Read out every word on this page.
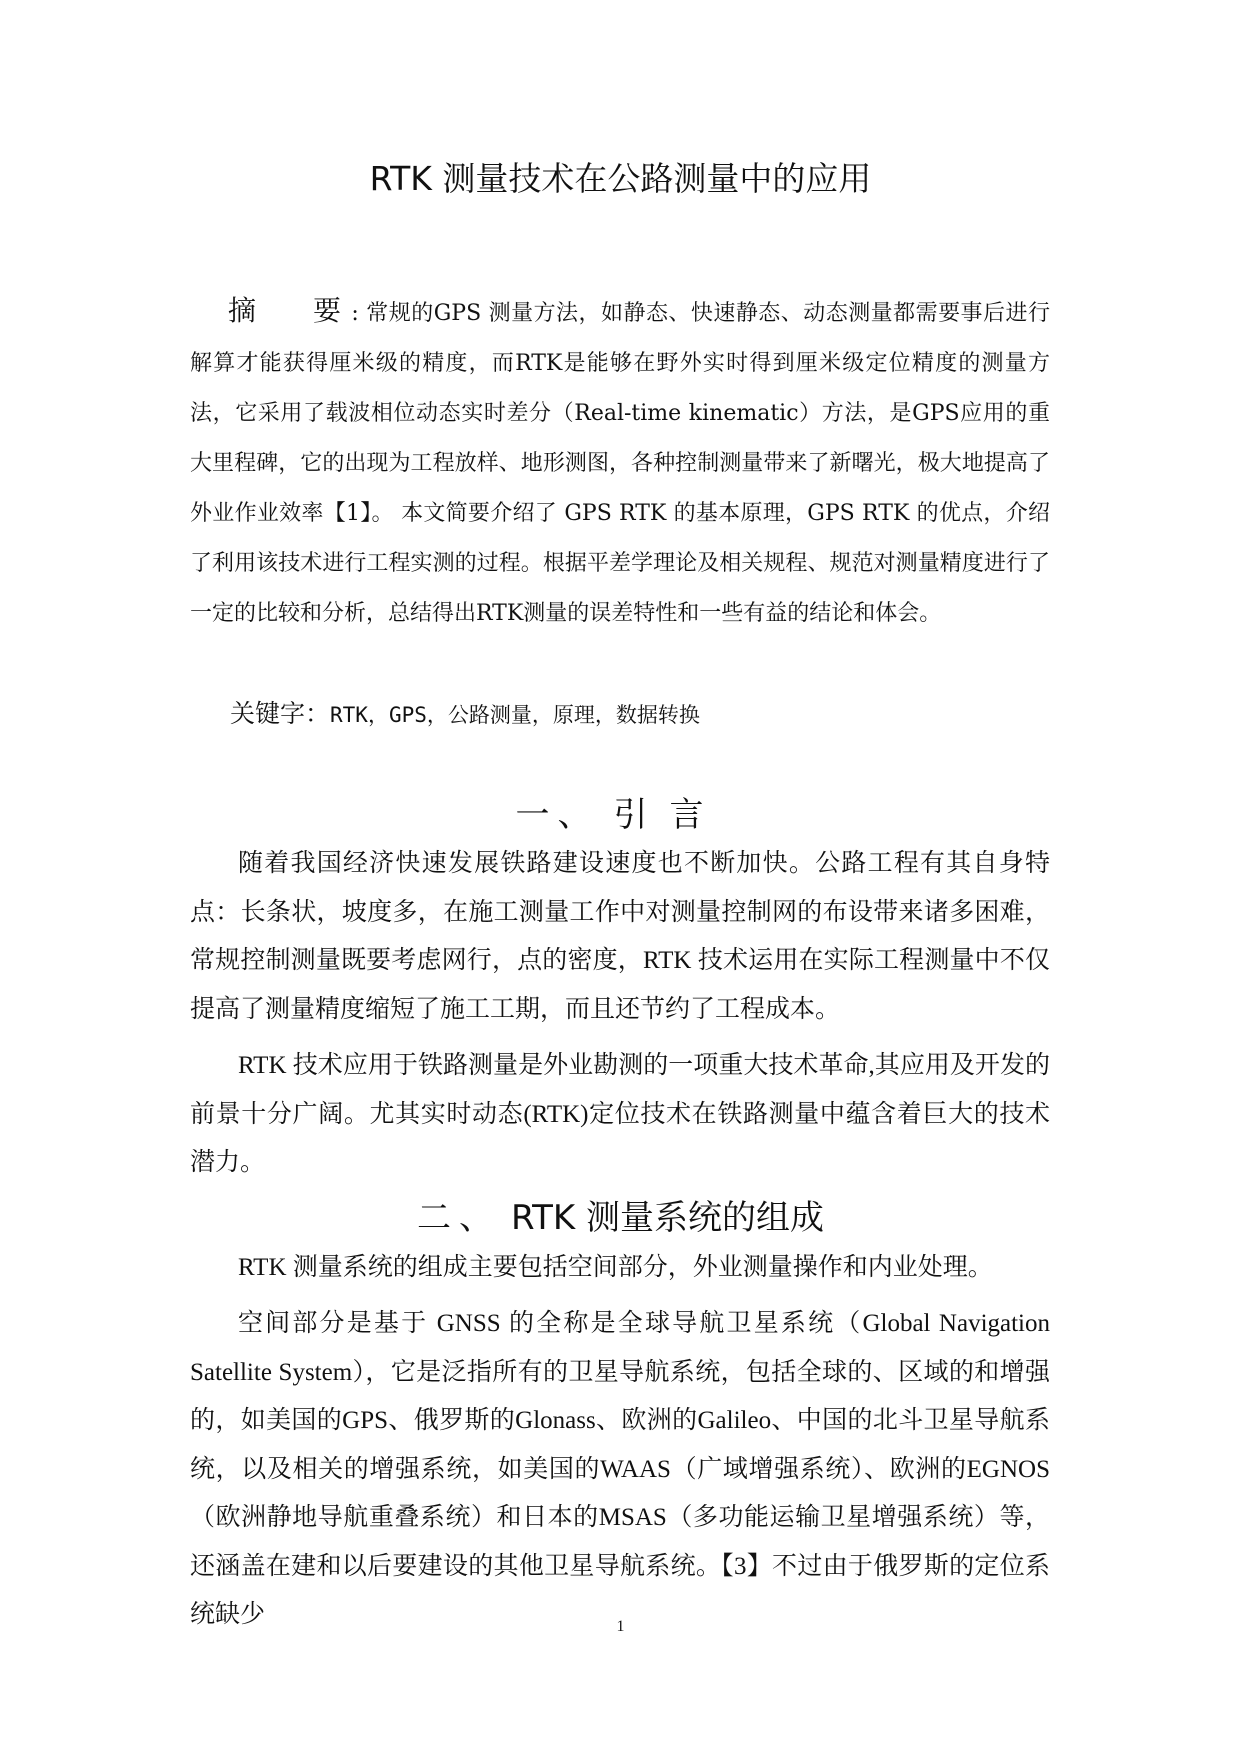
RTK 测量技术在公路测量中的应用
摘　要: 常规的GPS 测量方法，如静态、快速静态、动态测量都需要事后进行解算才能获得厘米级的精度，而RTK是能够在野外实时得到厘米级定位精度的测量方法，它采用了载波相位动态实时差分（Real-time kinematic）方法，是GPS应用的重大里程碑，它的出现为工程放样、地形测图，各种控制测量带来了新曙光，极大地提高了外业作业效率【1】。 本文简要介绍了 GPS RTK 的基本原理，GPS RTK 的优点，介绍了利用该技术进行工程实测的过程。根据平差学理论及相关规程、规范对测量精度进行了一定的比较和分析，总结得出RTK测量的误差特性和一些有益的结论和体会。
关键字：RTK，GPS，公路测量，原理，数据转换
一、 引言

随着我国经济快速发展铁路建设速度也不断加快。公路工程有其自身特点：长条状，坡度多，在施工测量工作中对测量控制网的布设带来诸多困难，常规控制测量既要考虑网行，点的密度，RTK 技术运用在实际工程测量中不仅提高了测量精度缩短了施工工期，而且还节约了工程成本。

RTK 技术应用于铁路测量是外业勘测的一项重大技术革命,其应用及开发的前景十分广阔。尤其实时动态(RTK)定位技术在铁路测量中蕴含着巨大的技术潜力。

二、 RTK 测量系统的组成

RTK 测量系统的组成主要包括空间部分，外业测量操作和内业处理。

空间部分是基于 GNSS 的全称是全球导航卫星系统（Global Navigation Satellite System），它是泛指所有的卫星导航系统，包括全球的、区域的和增强的，如美国的GPS、俄罗斯的Glonass、欧洲的Galileo、中国的北斗卫星导航系统，以及相关的增强系统，如美国的WAAS（广域增强系统）、欧洲的EGNOS（欧洲静地导航重叠系统）和日本的MSAS（多功能运输卫星增强系统）等，还涵盖在建和以后要建设的其他卫星导航系统。【3】不过由于俄罗斯的定位系统缺少	1
